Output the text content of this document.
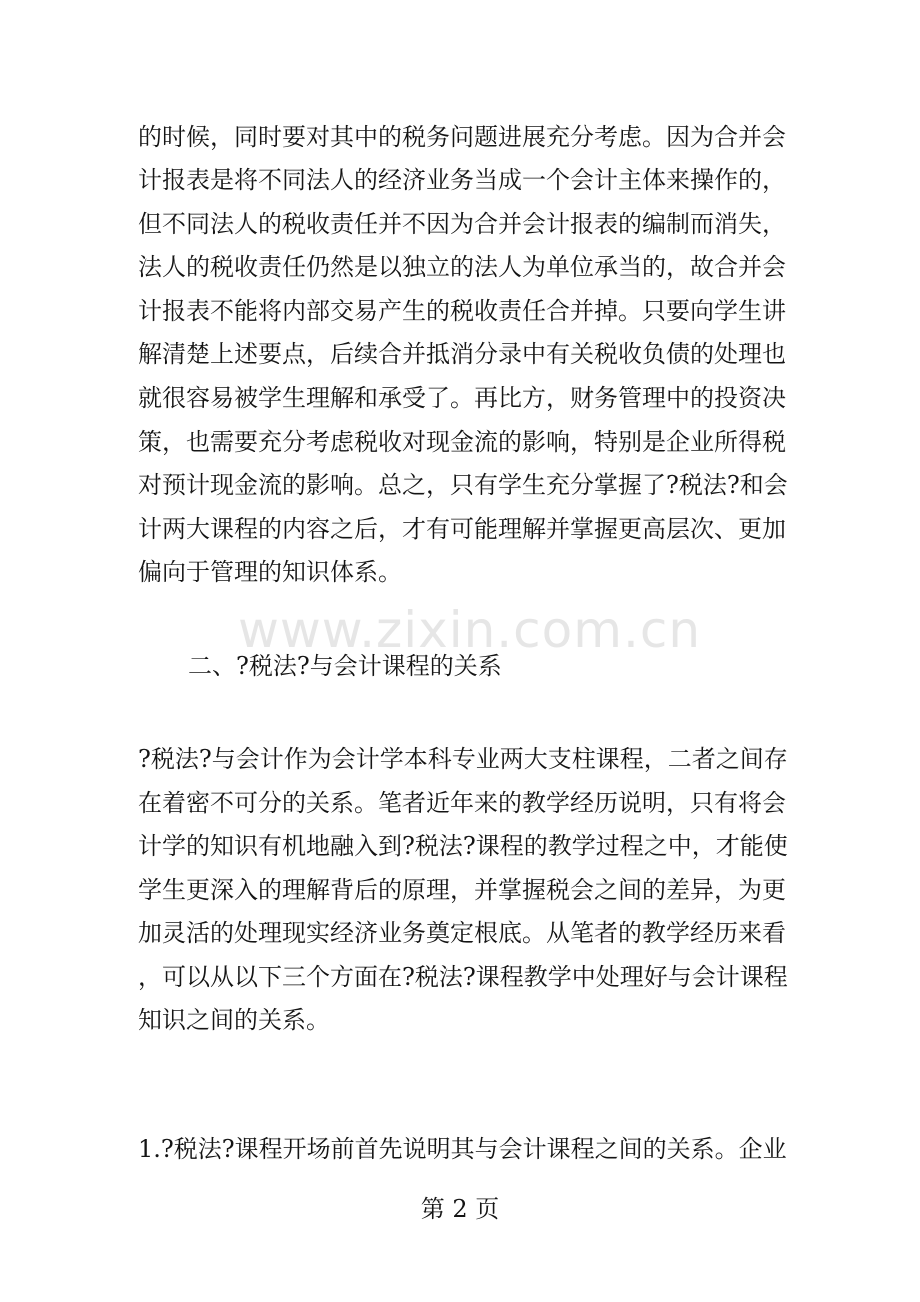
www.zixin.com.cn
的时候，同时要对其中的税务问题进展充分考虑。因为合并会
计报表是将不同法人的经济业务当成一个会计主体来操作的，
但不同法人的税收责任并不因为合并会计报表的编制而消失，
法人的税收责任仍然是以独立的法人为单位承当的，故合并会
计报表不能将内部交易产生的税收责任合并掉。只要向学生讲
解清楚上述要点，后续合并抵消分录中有关税收负债的处理也
就很容易被学生理解和承受了。再比方，财务管理中的投资决
策，也需要充分考虑税收对现金流的影响，特别是企业所得税
对预计现金流的影响。总之，只有学生充分掌握了?税法?和会
计两大课程的内容之后，才有可能理解并掌握更高层次、更加
偏向于管理的知识体系。
二、?税法?与会计课程的关系
?税法?与会计作为会计学本科专业两大支柱课程，二者之间存
在着密不可分的关系。笔者近年来的教学经历说明，只有将会
计学的知识有机地融入到?税法?课程的教学过程之中，才能使
学生更深入的理解背后的原理，并掌握税会之间的差异，为更
加灵活的处理现实经济业务奠定根底。从笔者的教学经历来看
，可以从以下三个方面在?税法?课程教学中处理好与会计课程
知识之间的关系。
1.?税法?课程开场前首先说明其与会计课程之间的关系。企业
第 2 页
